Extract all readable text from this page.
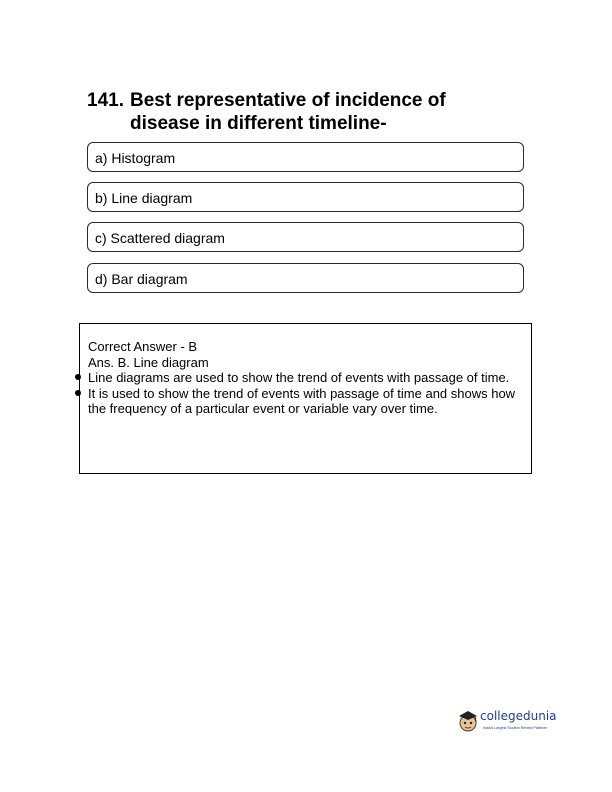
141. Best representative of incidence of disease in different timeline-
a) Histogram
b) Line diagram
c) Scattered diagram
d) Bar diagram
Correct Answer - B
Ans. B. Line diagram
Line diagrams are used to show the trend of events with passage of time.
It is used to show the trend of events with passage of time and shows how the frequency of a particular event or variable vary over time.
collegedunia
India's Largest Student Review Platform
